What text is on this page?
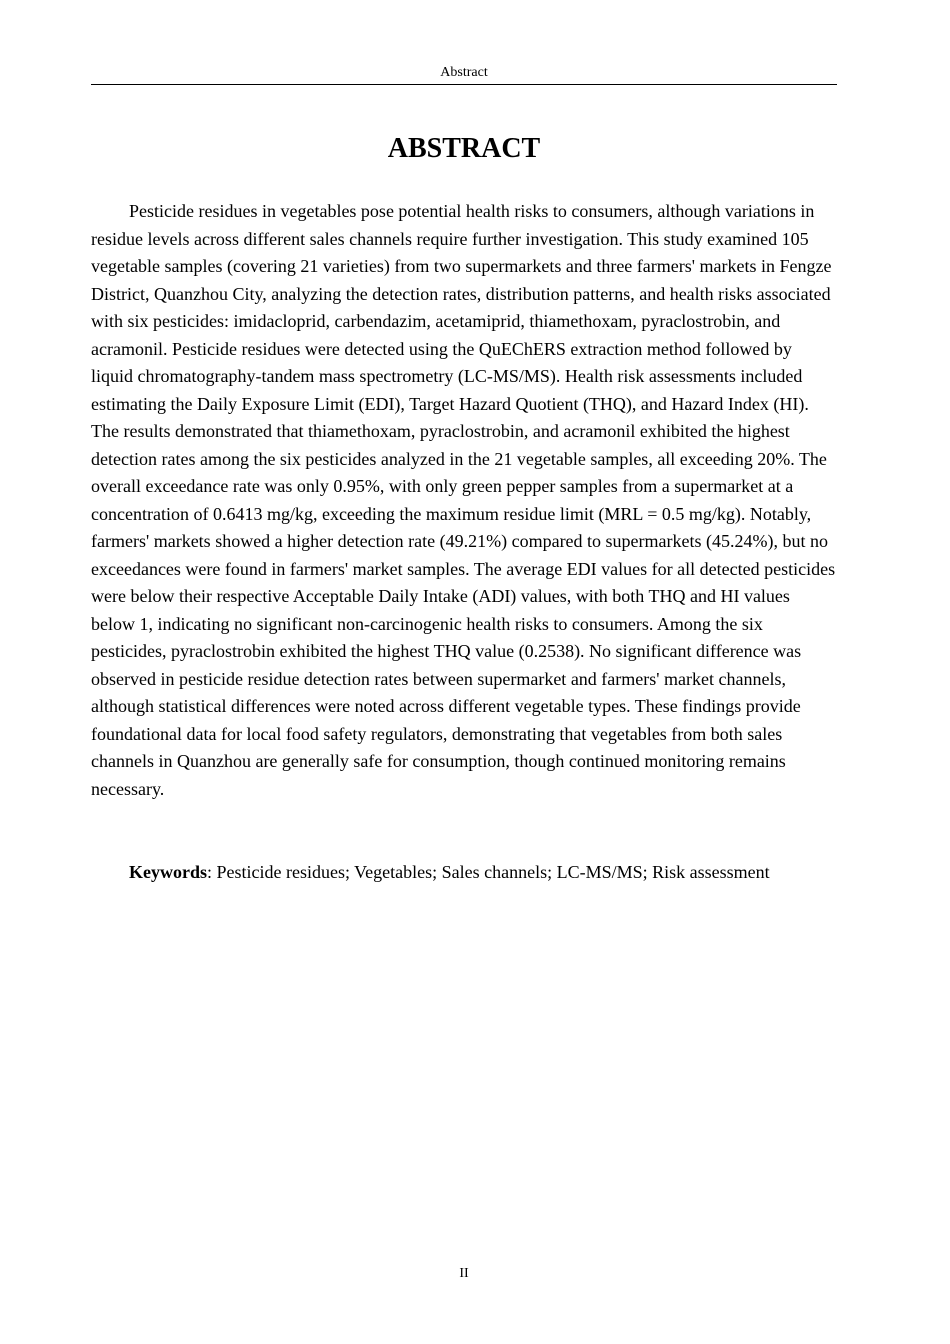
Abstract
ABSTRACT

Pesticide residues in vegetables pose potential health risks to consumers, although variations in residue levels across different sales channels require further investigation. This study examined 105 vegetable samples (covering 21 varieties) from two supermarkets and three farmers' markets in Fengze District, Quanzhou City, analyzing the detection rates, distribution patterns, and health risks associated with six pesticides: imidacloprid, carbendazim, acetamiprid, thiamethoxam, pyraclostrobin, and acramonil. Pesticide residues were detected using the QuEChERS extraction method followed by liquid chromatography-tandem mass spectrometry (LC-MS/MS). Health risk assessments included estimating the Daily Exposure Limit (EDI), Target Hazard Quotient (THQ), and Hazard Index (HI). The results demonstrated that thiamethoxam, pyraclostrobin, and acramonil exhibited the highest detection rates among the six pesticides analyzed in the 21 vegetable samples, all exceeding 20%. The overall exceedance rate was only 0.95%, with only green pepper samples from a supermarket at a concentration of 0.6413 mg/kg, exceeding the maximum residue limit (MRL = 0.5 mg/kg). Notably, farmers' markets showed a higher detection rate (49.21%) compared to supermarkets (45.24%), but no exceedances were found in farmers' market samples. The average EDI values for all detected pesticides were below their respective Acceptable Daily Intake (ADI) values, with both THQ and HI values below 1, indicating no significant non-carcinogenic health risks to consumers. Among the six pesticides, pyraclostrobin exhibited the highest THQ value (0.2538). No significant difference was observed in pesticide residue detection rates between supermarket and farmers' market channels, although statistical differences were noted across different vegetable types. These findings provide foundational data for local food safety regulators, demonstrating that vegetables from both sales channels in Quanzhou are generally safe for consumption, though continued monitoring remains necessary.

Keywords: Pesticide residues; Vegetables; Sales channels; LC-MS/MS; Risk assessment

II
